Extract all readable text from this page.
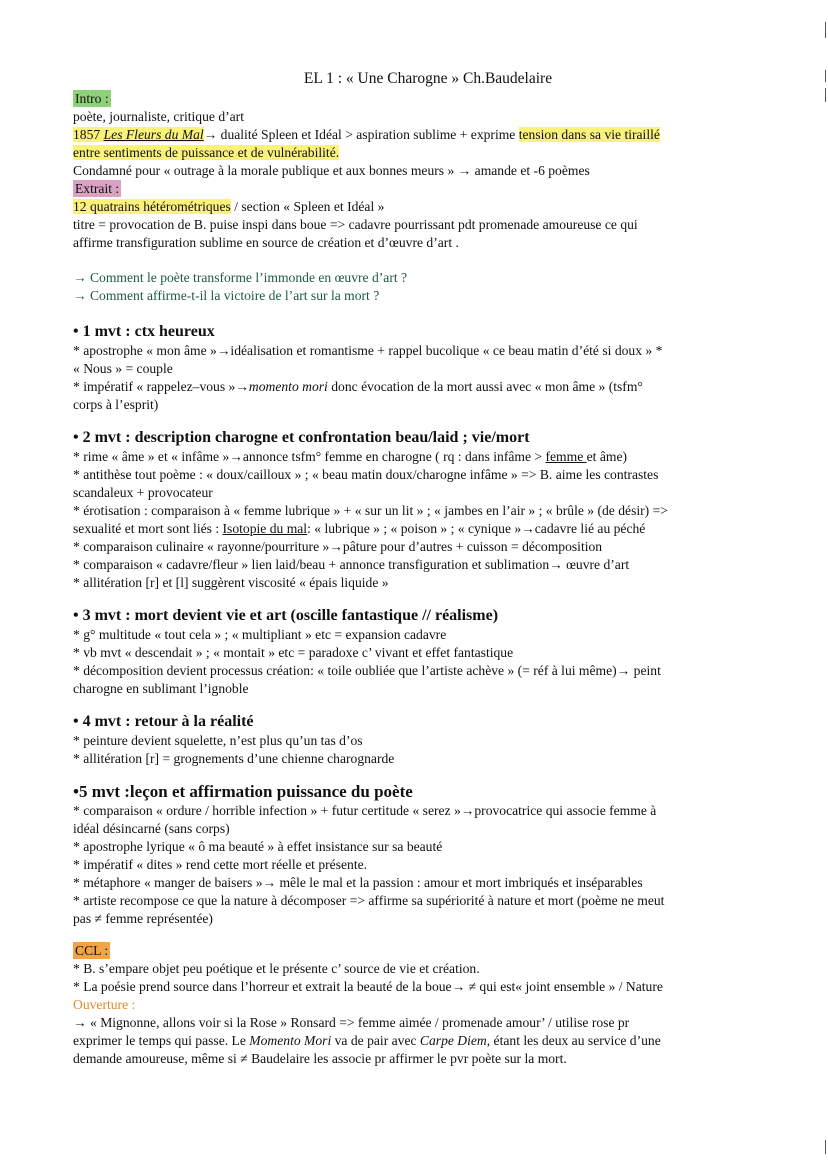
EL 1 : « Une Charogne » Ch.Baudelaire

Intro :

poète, journaliste, critique d’art

1857 Les Fleurs du Mal→ dualité Spleen et Idéal > aspiration sublime + exprime tension dans sa vie tiraillé

entre sentiments de puissance et de vulnérabilité.

Condamné pour « outrage à la morale publique et aux bonnes meurs » → amande et -6 poèmes

Extrait :

12 quatrains hétérométriques / section « Spleen et Idéal »

titre = provocation de B. puise inspi dans boue => cadavre pourrissant pdt promenade amoureuse ce qui

affirme transfiguration sublime en source de création et d’œuvre d’art .

→ Comment le poète transforme l’immonde en œuvre d’art ?

→ Comment affirme-t-il la victoire de l’art sur la mort ?

• 1 mvt : ctx heureux

* apostrophe « mon âme »→idéalisation et romantisme + rappel bucolique « ce beau matin d’été si doux » *

« Nous » = couple

* impératif « rappelez–vous »→momento mori donc évocation de la mort aussi avec « mon âme » (tsfm°

corps à l’esprit)

• 2 mvt : description charogne et confrontation beau/laid ; vie/mort

* rime « âme » et « infâme »→annonce tsfm° femme en charogne ( rq : dans infâme > femme et âme)

* antithèse tout poème : « doux/cailloux » ; « beau matin doux/charogne infâme » => B. aime les contrastes

scandaleux + provocateur

* érotisation : comparaison à « femme lubrique » + « sur un lit » ; « jambes en l’air » ; « brûle » (de désir) =>

sexualité et mort sont liés : Isotopie du mal: « lubrique » ; « poison » ; « cynique »→cadavre lié au péché

* comparaison culinaire « rayonne/pourriture »→pâture pour d’autres + cuisson = décomposition

* comparaison « cadavre/fleur » lien laid/beau + annonce transfiguration et sublimation→ œuvre d’art

* allitération [r] et [l] suggèrent viscosité « épais liquide »

• 3 mvt : mort devient vie et art (oscille fantastique // réalisme)

* g° multitude « tout cela » ; « multipliant » etc = expansion cadavre

* vb mvt « descendait » ; « montait » etc = paradoxe c’ vivant et effet fantastique

* décomposition devient processus création: « toile oubliée que l’artiste achève » (= réf à lui même)→ peint

charogne en sublimant l’ignoble

• 4 mvt : retour à la réalité

* peinture devient squelette, n’est plus qu’un tas d’os

* allitération [r] = grognements d’une chienne charognarde

•5 mvt :leçon et affirmation puissance du poète

* comparaison « ordure / horrible infection » + futur certitude « serez »→provocatrice qui associe femme à

idéal désincarné (sans corps)

* apostrophe lyrique « ô ma beauté » à effet insistance sur sa beauté

* impératif « dites » rend cette mort réelle et présente.

* métaphore « manger de baisers »→ mêle le mal et la passion : amour et mort imbriqués et inséparables

* artiste recompose ce que la nature à décomposer => affirme sa supériorité à nature et mort (poème ne meut

pas ≠ femme représentée)

CCL :

* B. s’empare objet peu poétique et le présente c’ source de vie et création.

* La poésie prend source dans l’horreur et extrait la beauté de la boue→ ≠ qui est« joint ensemble » / Nature

Ouverture :

→ « Mignonne, allons voir si la Rose » Ronsard => femme aimée / promenade amour’ / utilise rose pr

exprimer le temps qui passe. Le Momento Mori va de pair avec Carpe Diem, étant les deux au service d’une

demande amoureuse, même si ≠ Baudelaire les associe pr affirmer le pvr poète sur la mort.
